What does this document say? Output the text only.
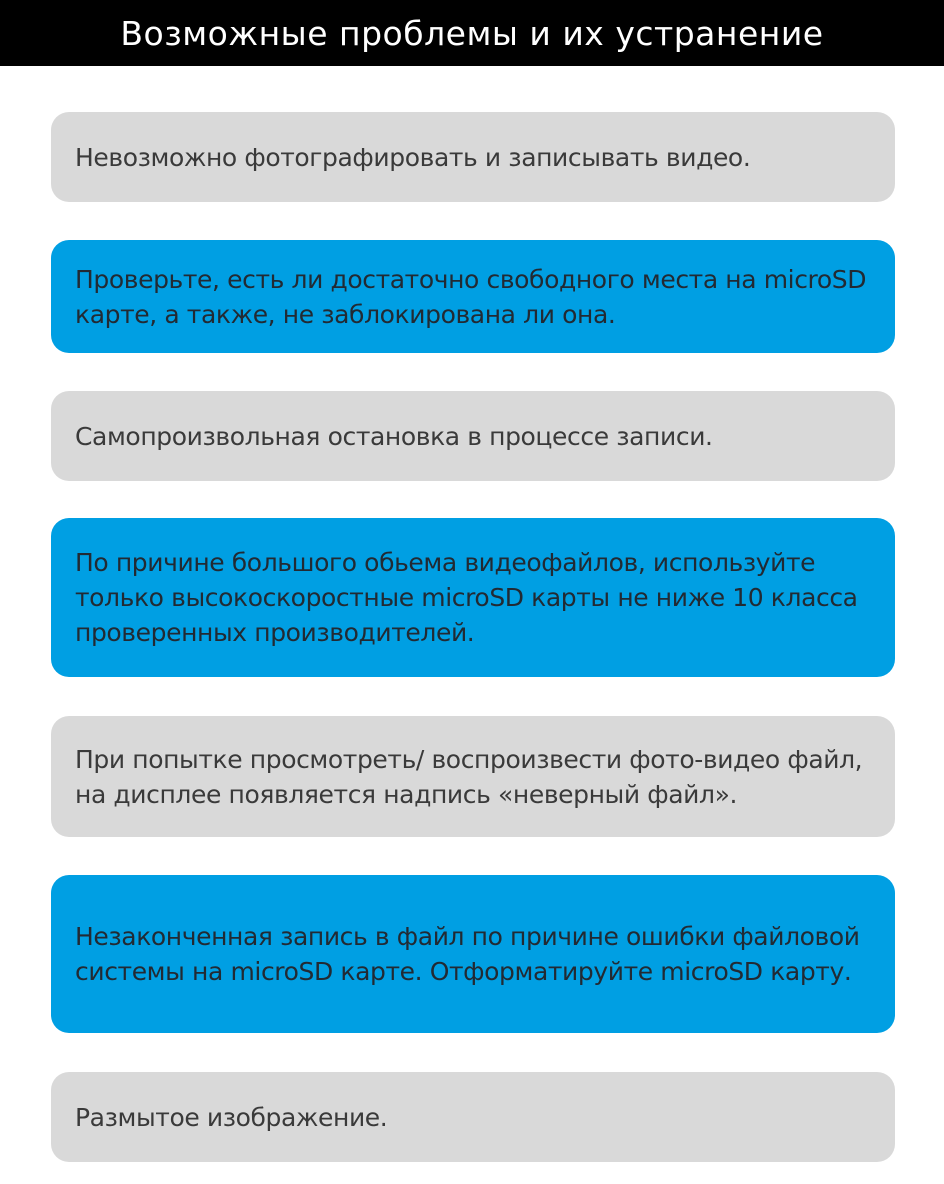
Возможные проблемы и их устранение
Невозможно фотографировать и записывать видео.
Проверьте, есть ли достаточно свободного места на microSD карте, а также, не заблокирована ли она.
Самопроизвольная остановка в процессе записи.
По причине большого обьема видеофайлов, используйте только высокоскоростные microSD карты не ниже 10 класса проверенных производителей.
При попытке просмотреть/ воспроизвести фото-видео файл, на дисплее появляется надпись «неверный файл».
Незаконченная запись в файл по причине ошибки файловой системы на microSD карте. Отформатируйте microSD карту.
Размытое изображение.
